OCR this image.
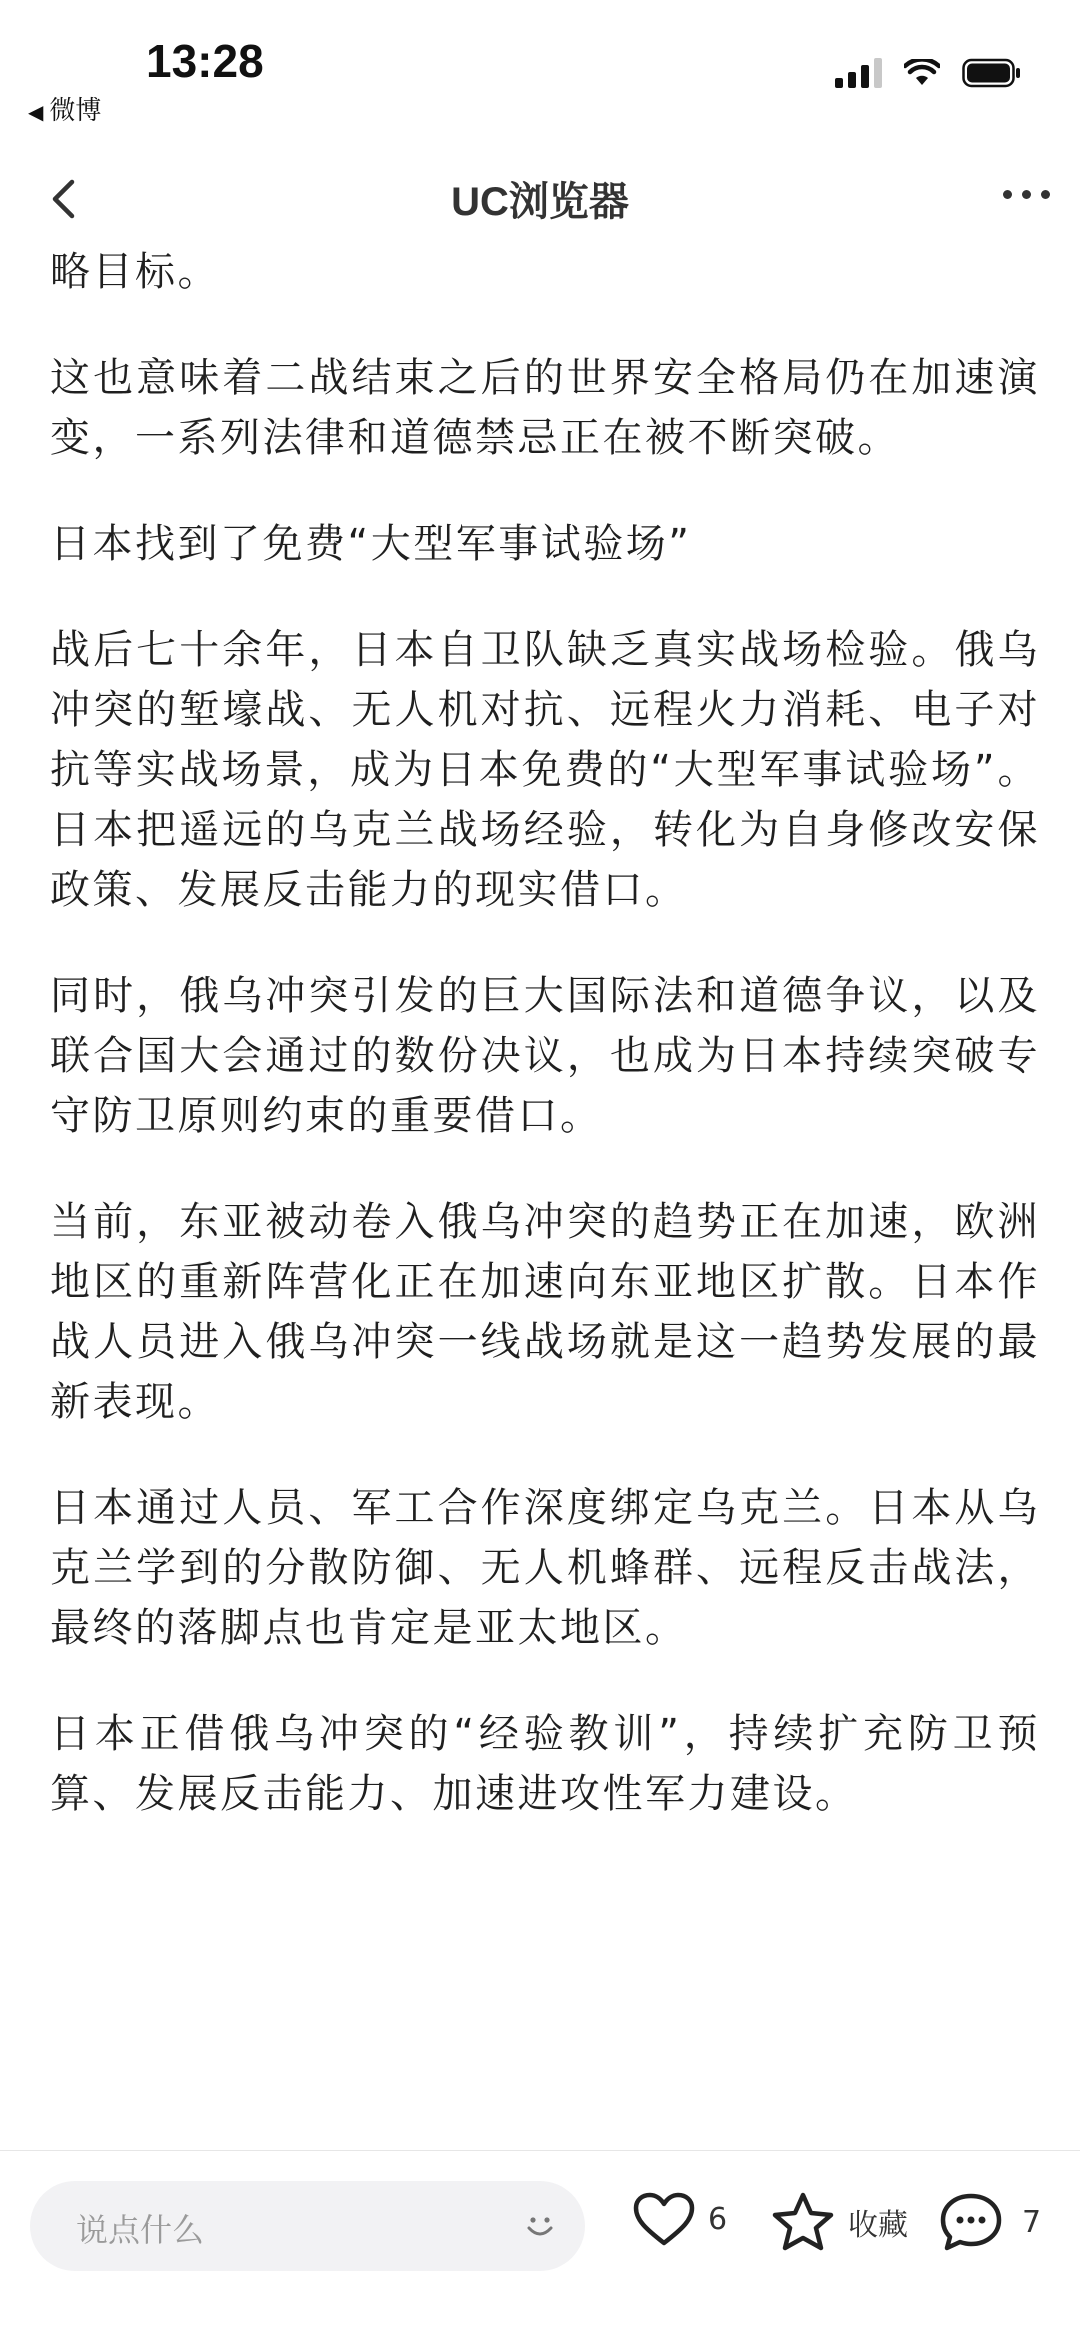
13:28
◀ 微博
UC浏览器

略目标。

这也意味着二战结束之后的世界安全格局仍在加速演变，一系列法律和道德禁忌正在被不断突破。

日本找到了免费“大型军事试验场”

战后七十余年，日本自卫队缺乏真实战场检验。俄乌冲突的堑壕战、无人机对抗、远程火力消耗、电子对抗等实战场景，成为日本免费的“大型军事试验场”。日本把遥远的乌克兰战场经验，转化为自身修改安保政策、发展反击能力的现实借口。

同时，俄乌冲突引发的巨大国际法和道德争议，以及联合国大会通过的数份决议，也成为日本持续突破专守防卫原则约束的重要借口。

当前，东亚被动卷入俄乌冲突的趋势正在加速，欧洲地区的重新阵营化正在加速向东亚地区扩散。日本作战人员进入俄乌冲突一线战场就是这一趋势发展的最新表现。

日本通过人员、军工合作深度绑定乌克兰。日本从乌克兰学到的分散防御、无人机蜂群、远程反击战法，最终的落脚点也肯定是亚太地区。

日本正借俄乌冲突的“经验教训”，持续扩充防卫预算、发展反击能力、加速进攻性军力建设。

说点什么	6	收藏	7
